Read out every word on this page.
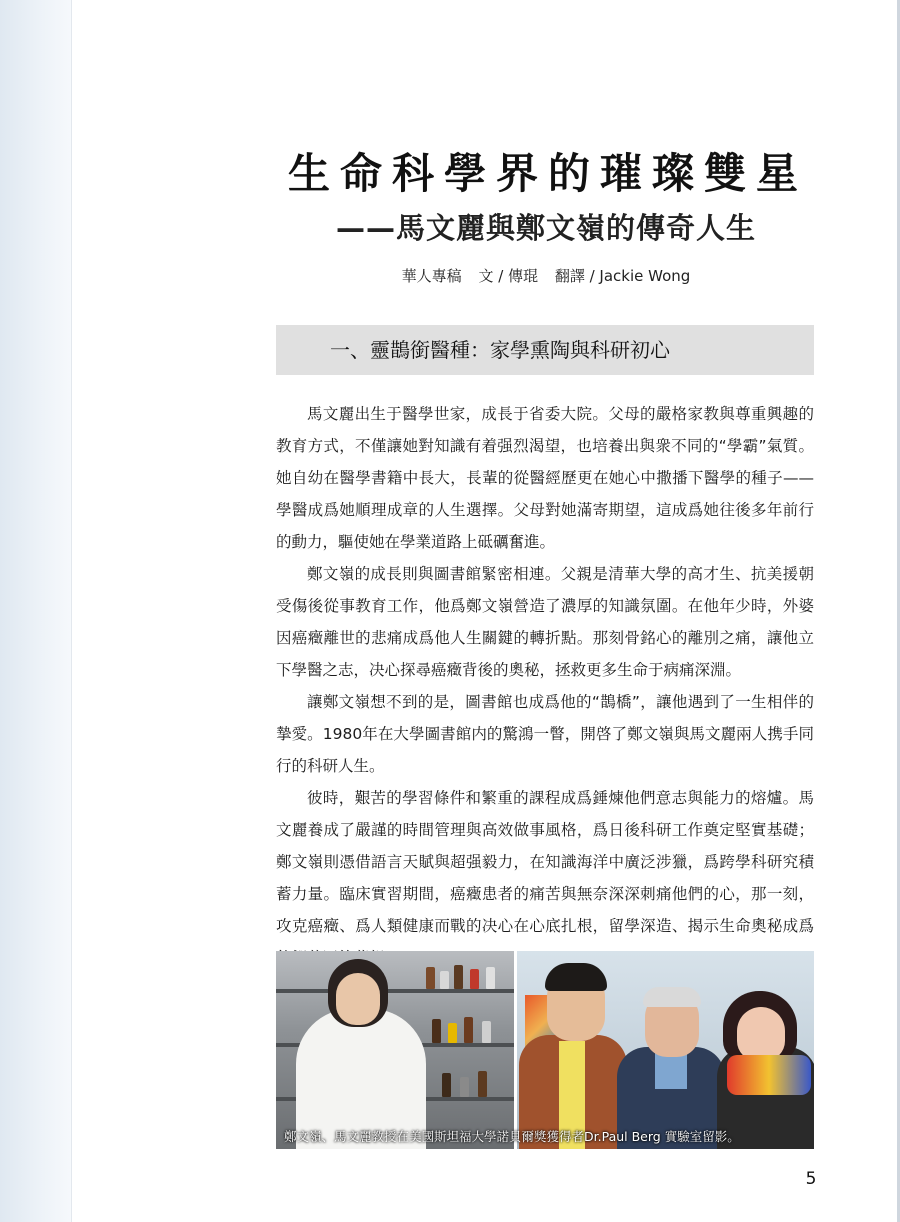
生命科學界的璀璨雙星
——馬文麗與鄭文嶺的傳奇人生
華人專稿 文 / 傳琨 翻譯 / Jackie Wong
一、靈鵲銜醫種：家學熏陶與科研初心

馬文麗出生于醫學世家，成長于省委大院。父母的嚴格家教與尊重興趣的教育方式，不僅讓她對知識有着强烈渴望，也培養出與衆不同的“學霸”氣質。她自幼在醫學書籍中長大，長輩的從醫經歷更在她心中撒播下醫學的種子——學醫成爲她順理成章的人生選擇。父母對她滿寄期望，這成爲她往後多年前行的動力，驅使她在學業道路上砥礪奮進。

鄭文嶺的成長則與圖書館緊密相連。父親是清華大學的高才生、抗美援朝受傷後從事教育工作，他爲鄭文嶺營造了濃厚的知識氛圍。在他年少時，外婆因癌癥離世的悲痛成爲他人生關鍵的轉折點。那刻骨銘心的離別之痛，讓他立下學醫之志，决心探尋癌癥背後的奧秘，拯救更多生命于病痛深淵。

讓鄭文嶺想不到的是，圖書館也成爲他的“鵲橋”，讓他遇到了一生相伴的摯愛。1980年在大學圖書館内的驚鴻一瞥，開啓了鄭文嶺與馬文麗兩人携手同行的科研人生。

彼時，艱苦的學習條件和繁重的課程成爲錘煉他們意志與能力的熔爐。馬文麗養成了嚴謹的時間管理與高效做事風格，爲日後科研工作奠定堅實基礎；鄭文嶺則憑借語言天賦與超强毅力，在知識海洋中廣泛涉獵，爲跨學科研究積蓄力量。臨床實習期間，癌癥患者的痛苦與無奈深深刺痛他們的心，那一刻，攻克癌癥、爲人類健康而戰的决心在心底扎根，留學深造、揭示生命奧秘成爲

鄭文嶺、馬文麗教授在美國斯坦福大學諾貝爾獎獲得者Dr.Paul Berg 實驗室留影。
5
